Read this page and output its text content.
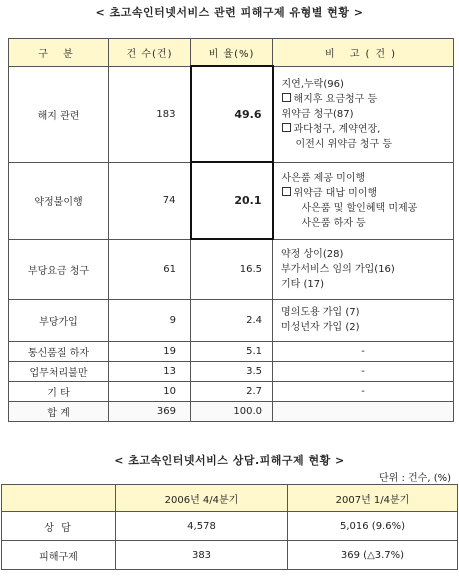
< 초고속인터넷서비스 관련 피해구제 유형별 현황 >
구 분	건 수(건)	비 율(%)	비 고(건)
해지 관련	183	49.6	지연,누락(96)
해지후 요금청구 등
위약금 청구(87)
과다청구, 계약연장,
이전시 위약금 청구 등

약정불이행	74	20.1	사은품 제공 미이행
위약금 대납 미이행
사은품 및 할인혜택 미제공
사은품 하자 등

부당요금 청구	61	16.5	약정 상이(28)
부가서비스 임의 가입(16)
기타 (17)

부당가입	9	2.4	명의도용 가입 (7)
미성년자 가입 (2)

통신품질 하자	19	5.1	-
업무처리불만	13	3.5	-
기 타	10	2.7	-
합 계	369	100.0	
< 초고속인터넷서비스 상담.피해구제 현황 >
단위 : 건수, (%)
	2006년 4/4분기	2007년 1/4분기
상 담	4,578	5,016 (9.6%)
피해구제	383	369 (△3.7%)
